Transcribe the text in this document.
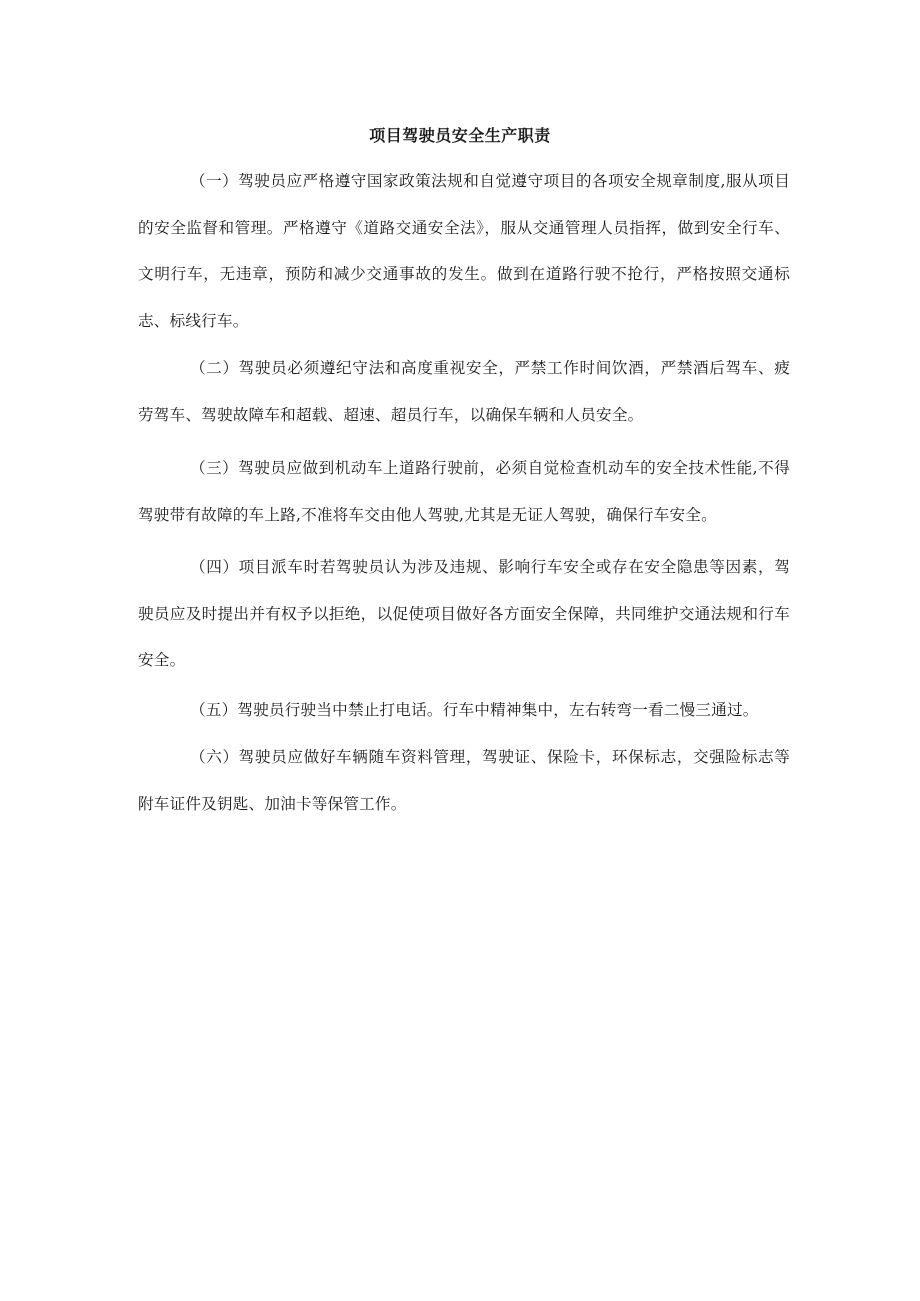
项目驾驶员安全生产职责

（一）驾驶员应严格遵守国家政策法规和自觉遵守项目的各项安全规章制度,服从项目的安全监督和管理。严格遵守《道路交通安全法》，服从交通管理人员指挥，做到安全行车、文明行车，无违章，预防和减少交通事故的发生。做到在道路行驶不抢行，严格按照交通标志、标线行车。

（二）驾驶员必须遵纪守法和高度重视安全，严禁工作时间饮酒，严禁酒后驾车、疲劳驾车、驾驶故障车和超载、超速、超员行车，以确保车辆和人员安全。

（三）驾驶员应做到机动车上道路行驶前，必须自觉检查机动车的安全技术性能,不得驾驶带有故障的车上路,不准将车交由他人驾驶,尤其是无证人驾驶，确保行车安全。

（四）项目派车时若驾驶员认为涉及违规、影响行车安全或存在安全隐患等因素，驾驶员应及时提出并有权予以拒绝，以促使项目做好各方面安全保障，共同维护交通法规和行车安全。

（五）驾驶员行驶当中禁止打电话。行车中精神集中，左右转弯一看二慢三通过。

（六）驾驶员应做好车辆随车资料管理，驾驶证、保险卡，环保标志，交强险标志等附车证件及钥匙、加油卡等保管工作。
